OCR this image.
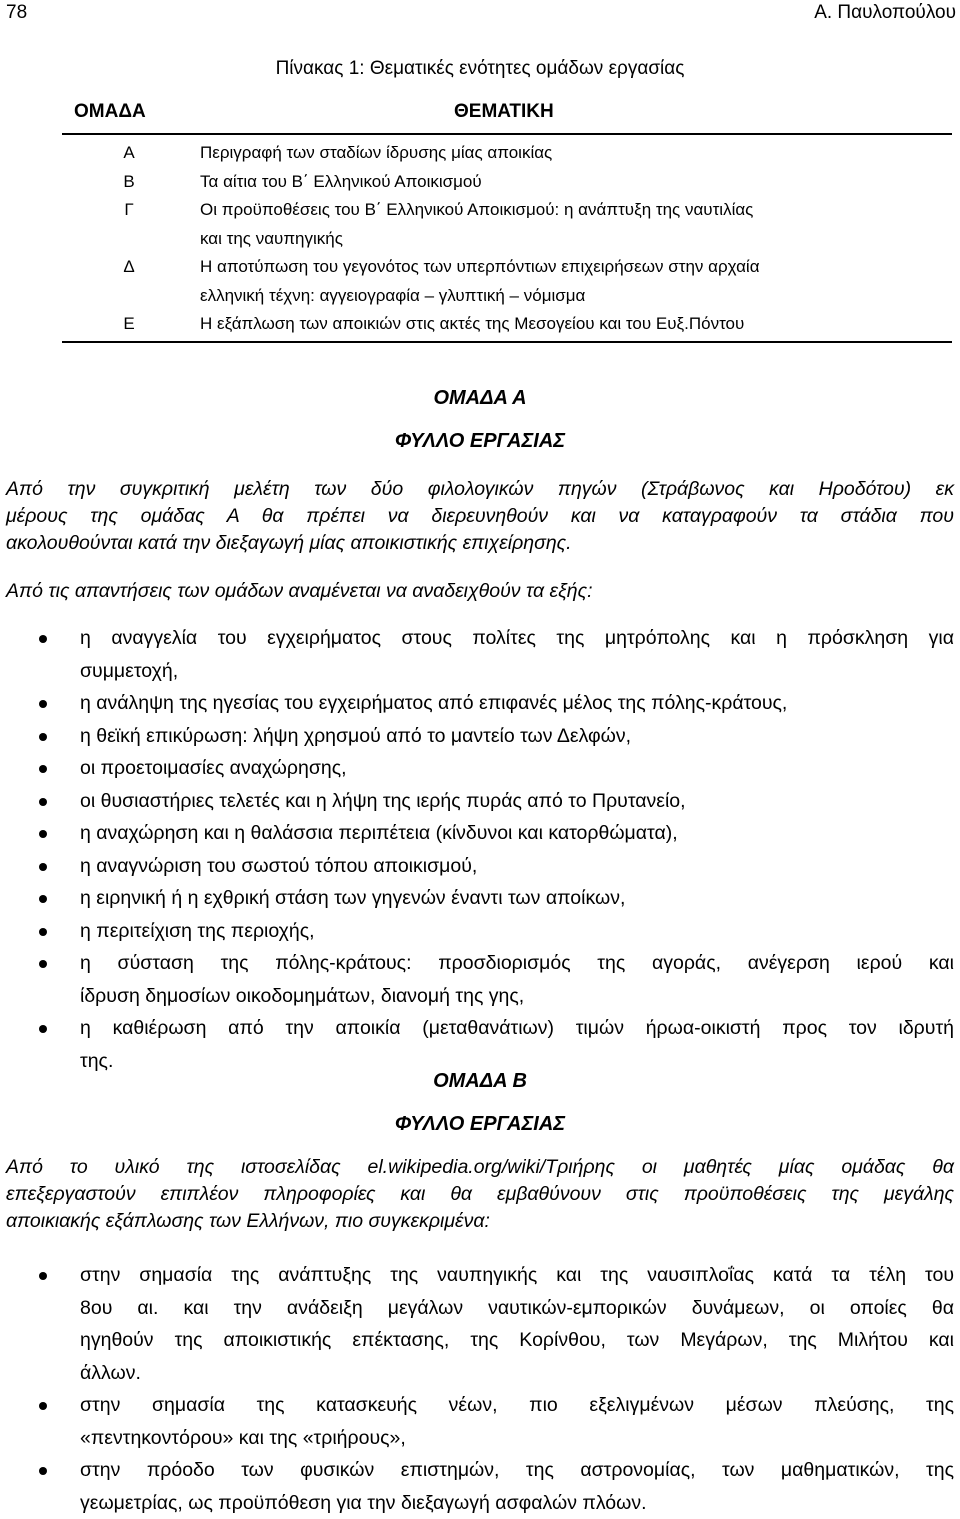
78	Α. Παυλοπούλου
Πίνακας 1: Θεματικές ενότητες ομάδων εργασίας
ΟΜΑΔΑ	ΘΕΜΑΤΙΚΗ
Α	Περιγραφή των σταδίων ίδρυσης μίας αποικίας
Β	Τα αίτια του Β΄ Ελληνικού Αποικισμού
Γ	Οι προϋποθέσεις του Β΄ Ελληνικού Αποικισμού: η ανάπτυξη της ναυτιλίας
και της ναυπηγικής
Δ	Η αποτύπωση του γεγονότος των υπερπόντιων επιχειρήσεων στην αρχαία
ελληνική τέχνη: αγγειογραφία – γλυπτική – νόμισμα
Ε	Η εξάπλωση των αποικιών στις ακτές της Μεσογείου και του Ευξ.Πόντου
ΟΜΑΔΑ Α
ΦΥΛΛΟ ΕΡΓΑΣΙΑΣ
Από την συγκριτική μελέτη των δύο φιλολογικών πηγών (Στράβωνος και Ηροδότου) εκ
μέρους της ομάδας Α θα πρέπει να διερευνηθούν και να καταγραφούν τα στάδια που
ακολουθούνται κατά την διεξαγωγή μίας αποικιστικής επιχείρησης.
Από τις απαντήσεις των ομάδων αναμένεται να αναδειχθούν τα εξής:
η αναγγελία του εγχειρήματος στους πολίτες της μητρόπολης και η πρόσκληση για
συμμετοχή,
η ανάληψη της ηγεσίας του εγχειρήματος από επιφανές μέλος της πόλης-κράτους,
η θεϊκή επικύρωση: λήψη χρησμού από το μαντείο των Δελφών,
οι προετοιμασίες αναχώρησης,
οι θυσιαστήριες τελετές και η λήψη της ιερής πυράς από το Πρυτανείο,
η αναχώρηση και η θαλάσσια περιπέτεια (κίνδυνοι και κατορθώματα),
η αναγνώριση του σωστού τόπου αποικισμού,
η ειρηνική ή η εχθρική στάση των γηγενών έναντι των αποίκων,
η περιτείχιση της περιοχής,
η σύσταση της πόλης-κράτους: προσδιορισμός της αγοράς, ανέγερση ιερού και
ίδρυση δημοσίων οικοδομημάτων, διανομή της γης,
η καθιέρωση από την αποικία (μεταθανάτιων) τιμών ήρωα-οικιστή προς τον ιδρυτή
της.
ΟΜΑΔΑ Β
ΦΥΛΛΟ ΕΡΓΑΣΙΑΣ
Από το υλικό της ιστοσελίδας el.wikipedia.org/wiki/Τριήρης οι μαθητές μίας ομάδας θα
επεξεργαστούν επιπλέον πληροφορίες και θα εμβαθύνουν στις προϋποθέσεις της μεγάλης
αποικιακής εξάπλωσης των Ελλήνων, πιο συγκεκριμένα:
στην σημασία της ανάπτυξης της ναυπηγικής και της ναυσιπλοΐας κατά τα τέλη του
8ου αι. και την ανάδειξη μεγάλων ναυτικών-εμπορικών δυνάμεων, οι οποίες θα
ηγηθούν της αποικιστικής επέκτασης, της Κορίνθου, των Μεγάρων, της Μιλήτου και
άλλων.
στην σημασία της κατασκευής νέων, πιο εξελιγμένων μέσων πλεύσης, της
«πεντηκοντόρου» και της «τριήρους»,
στην πρόοδο των φυσικών επιστημών, της αστρονομίας, των μαθηματικών, της
γεωμετρίας, ως προϋπόθεση για την διεξαγωγή ασφαλών πλόων.
